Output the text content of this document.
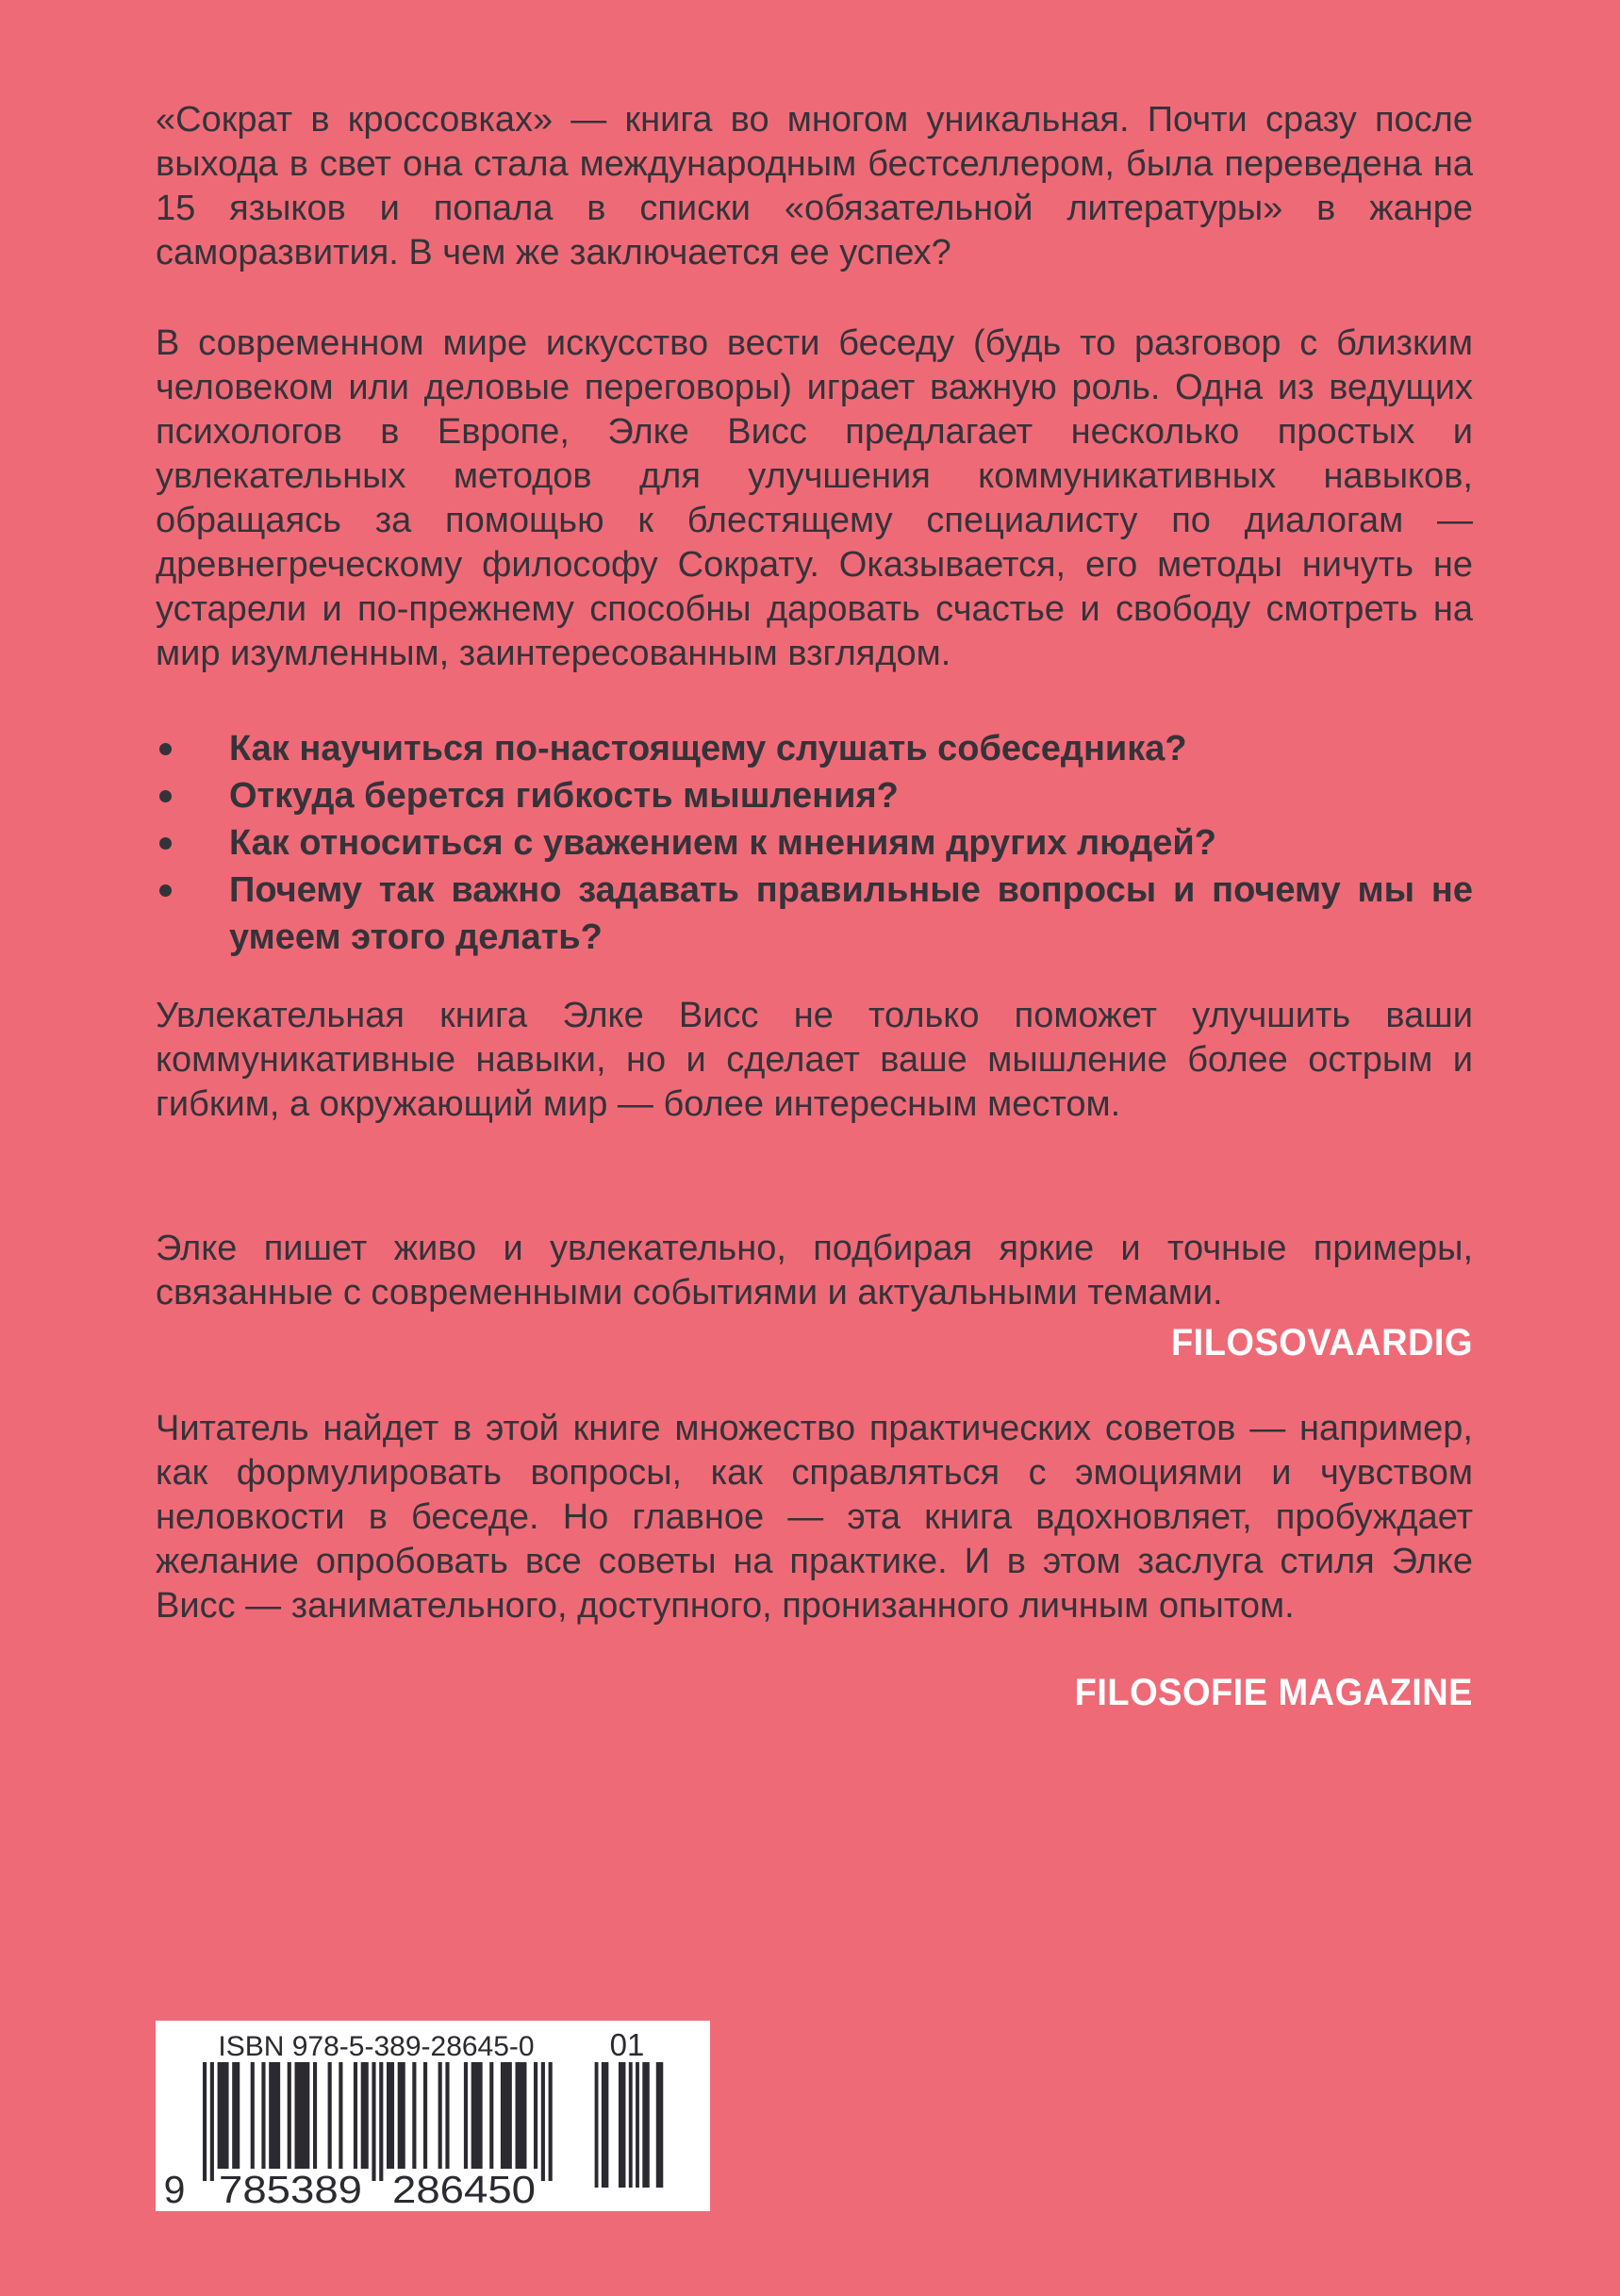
«Сократ в кроссовках» — книга во многом уникальная. Почти сразу после выхода в свет она стала международным бестселлером, была переведена на 15 языков и попала в списки «обязательной литературы» в жанре саморазвития. В чем же заключается ее успех?

В современном мире искусство вести беседу (будь то разговор с близким человеком или деловые переговоры) играет важную роль. Одна из ведущих психологов в Европе, Элке Висс предлагает несколько простых и увлекательных методов для улучшения коммуникативных навыков, обращаясь за помощью к блестящему специалисту по диалогам — древнегреческому философу Сократу. Оказывается, его методы ничуть не устарели и по-прежнему способны даровать счастье и свободу смотреть на мир изумленным, заинтересованным взглядом.

Как научиться по-настоящему слушать собеседника?
Откуда берется гибкость мышления?
Как относиться с уважением к мнениям других людей?
Почему так важно задавать правильные вопросы и почему мы не умеем этого делать?

Увлекательная книга Элке Висс не только поможет улучшить ваши коммуникативные навыки, но и сделает ваше мышление более острым и гибким, а окружающий мир — более интересным местом.

Элке пишет живо и увлекательно, подбирая яркие и точные примеры, связанные с современными событиями и актуальными темами.

FILOSOVAARDIG

Читатель найдет в этой книге множество практических советов — например, как формулировать вопросы, как справляться с эмоциями и чувством неловкости в беседе. Но главное — эта книга вдохновляет, пробуждает желание опробовать все советы на практике. И в этом заслуга стиля Элке Висс — занимательного, доступного, пронизанного личным опытом.

FILOSOFIE MAGAZINE
ISBN 978-5-389-28645-0 01
9 785389 286450
